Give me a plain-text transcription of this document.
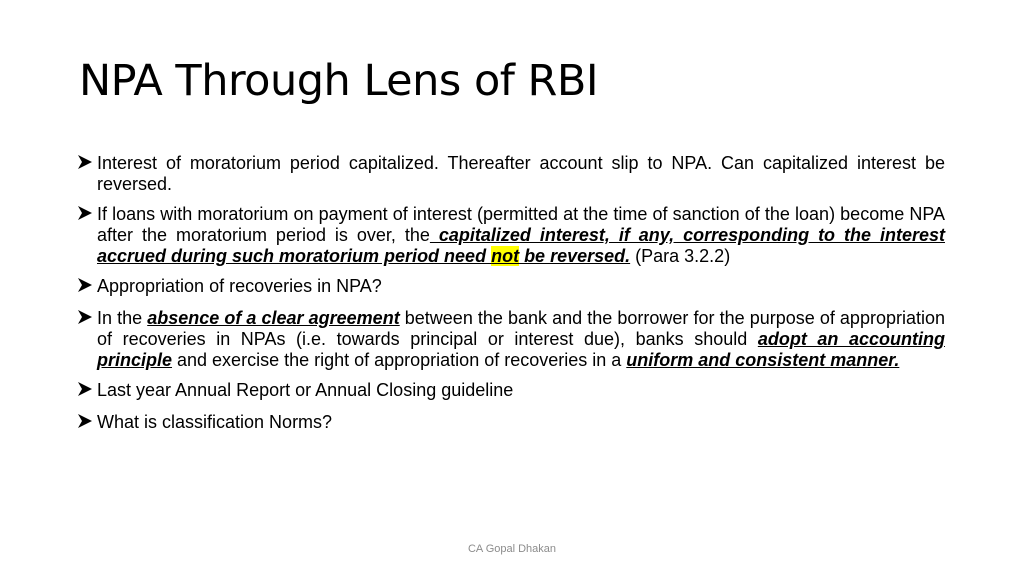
NPA Through Lens of RBI
Interest of moratorium period capitalized. Thereafter account slip to NPA. Can capitalized interest be reversed.
If loans with moratorium on payment of interest (permitted at the time of sanction of the loan) become NPA after the moratorium period is over, the capitalized interest, if any, corresponding to the interest accrued during such moratorium period need not be reversed. (Para 3.2.2)
Appropriation of recoveries in NPA?
In the absence of a clear agreement between the bank and the borrower for the purpose of appropriation of recoveries in NPAs (i.e. towards principal or interest due), banks should adopt an accounting principle and exercise the right of appropriation of recoveries in a uniform and consistent manner.
Last year Annual Report or Annual Closing guideline
What is classification Norms?
CA Gopal Dhakan
